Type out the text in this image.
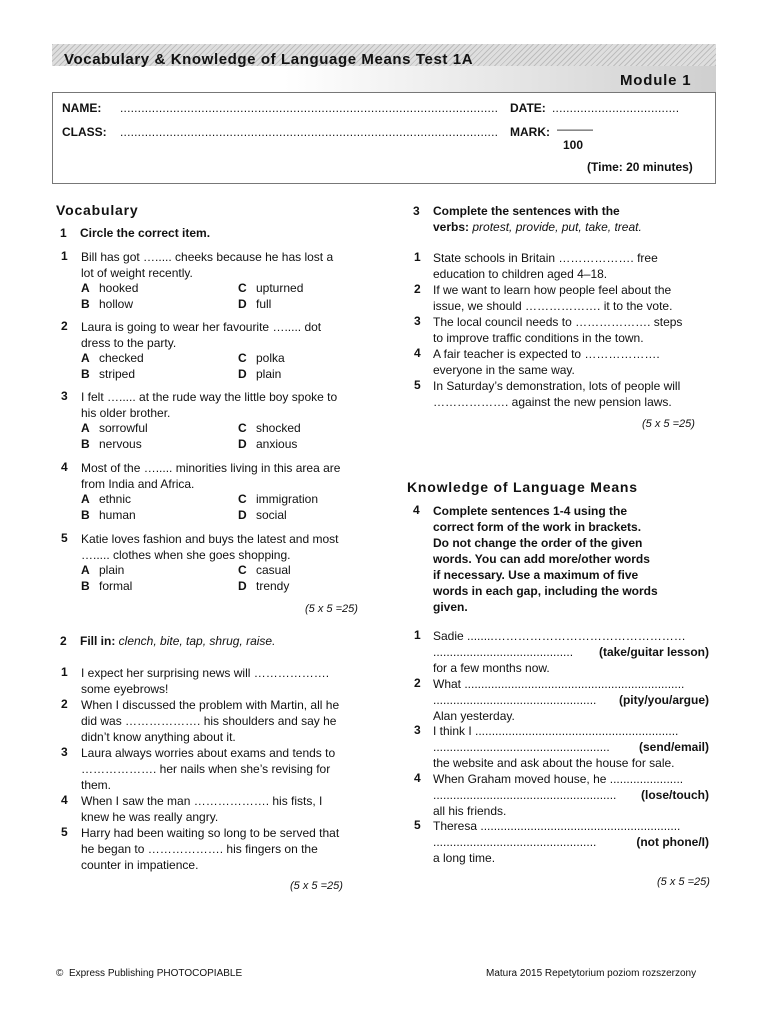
Vocabulary & Knowledge of Language Means Test 1A
Module 1
NAME: ........................................................................................................... DATE: ....................................
CLASS: ........................................................................................................... MARK: ———
100
(Time: 20 minutes)
Vocabulary
1 Circle the correct item.
1 Bill has got …..... cheeks because he has lost a
lot of weight recently.
A hooked	C upturned
B hollow	D full
2 Laura is going to wear her favourite …..... dot
dress to the party.
A checked	C polka
B striped	D plain
3 I felt …..... at the rude way the little boy spoke to
his older brother.
A sorrowful	C shocked
B nervous	D anxious
4 Most of the …..... minorities living in this area are
from India and Africa.
A ethnic	C immigration
B human	D social
5 Katie loves fashion and buys the latest and most
…..... clothes when she goes shopping.
A plain	C casual
B formal	D trendy
(5 x 5 =25)
2 Fill in: clench, bite, tap, shrug, raise.
1 I expect her surprising news will ……………….
some eyebrows!
2 When I discussed the problem with Martin, all he
did was ………………. his shoulders and say he
didn’t know anything about it.
3 Laura always worries about exams and tends to
………………. her nails when she’s revising for
them.
4 When I saw the man ………………. his fists, I
knew he was really angry.
5 Harry had been waiting so long to be served that
he began to ………………. his fingers on the
counter in impatience.
(5 x 5 =25)
3 Complete the sentences with the
verbs: protest, provide, put, take, treat.
1 State schools in Britain ………………. free
education to children aged 4–18.
2 If we want to learn how people feel about the
issue, we should ………………. it to the vote.
3 The local council needs to ………………. steps
to improve traffic conditions in the town.
4 A fair teacher is expected to ……………….
everyone in the same way.
5 In Saturday’s demonstration, lots of people will
………………. against the new pension laws.
(5 x 5 =25)
Knowledge of Language Means
4 Complete sentences 1-4 using the
correct form of the work in brackets.
Do not change the order of the given
words. You can add more/other words
if necessary. Use a maximum of five
words in each gap, including the words
given.
1 Sadie ........…………………………………………
.......................................... (take/guitar lesson)
for a few months now.
2 What ..................................................................
................................................. (pity/you/argue)
Alan yesterday.
3 I think I .............................................................
..................................................... (send/email)
the website and ask about the house for sale.
4 When Graham moved house, he ......................
....................................................... (lose/touch)
all his friends.
5 Theresa ............................................................
.................................................	(not phone/I)
a long time.
(5 x 5 =25)
© Express Publishing PHOTOCOPIABLE	Matura 2015 Repetytorium poziom rozszerzony
